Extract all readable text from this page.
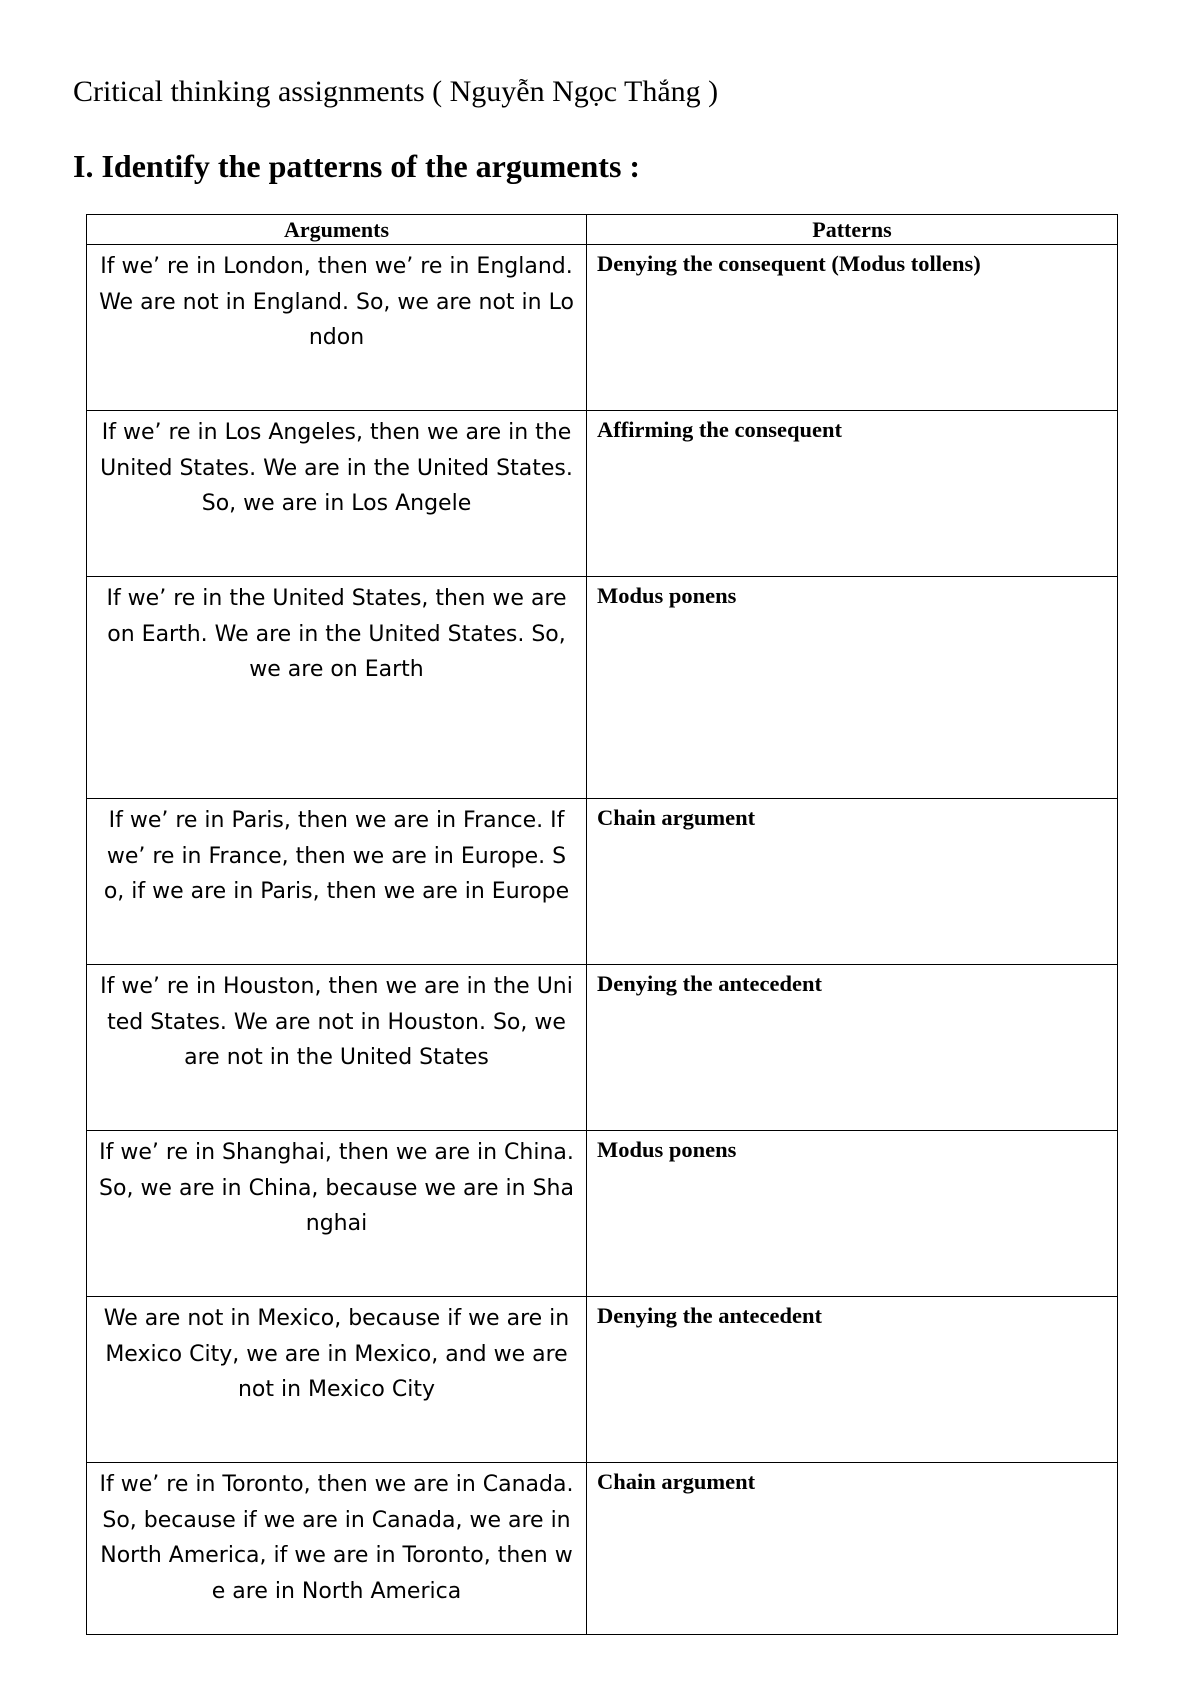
Critical thinking assignments ( Nguyễn Ngọc Thắng )
I. Identify the patterns of the arguments :
Arguments	Patterns
If we’ re in London, then we’ re in England. We are not in England. So, we are not in London	Denying the consequent (Modus tollens)
If we’ re in Los Angeles, then we are in the United States. We are in the United States. So, we are in Los Angele	Affirming the consequent
If we’ re in the United States, then we are on Earth. We are in the United States. So, we are on Earth	Modus ponens
If we’ re in Paris, then we are in France. If we’ re in France, then we are in Europe. So, if we are in Paris, then we are in Europe	Chain argument
If we’ re in Houston, then we are in the United States. We are not in Houston. So, we are not in the United States	Denying the antecedent
If we’ re in Shanghai, then we are in China. So, we are in China, because we are in Shanghai	Modus ponens
We are not in Mexico, because if we are in Mexico City, we are in Mexico, and we are not in Mexico City	Denying the antecedent
If we’ re in Toronto, then we are in Canada. So, because if we are in Canada, we are in North America, if we are in Toronto, then we are in North America	Chain argument
